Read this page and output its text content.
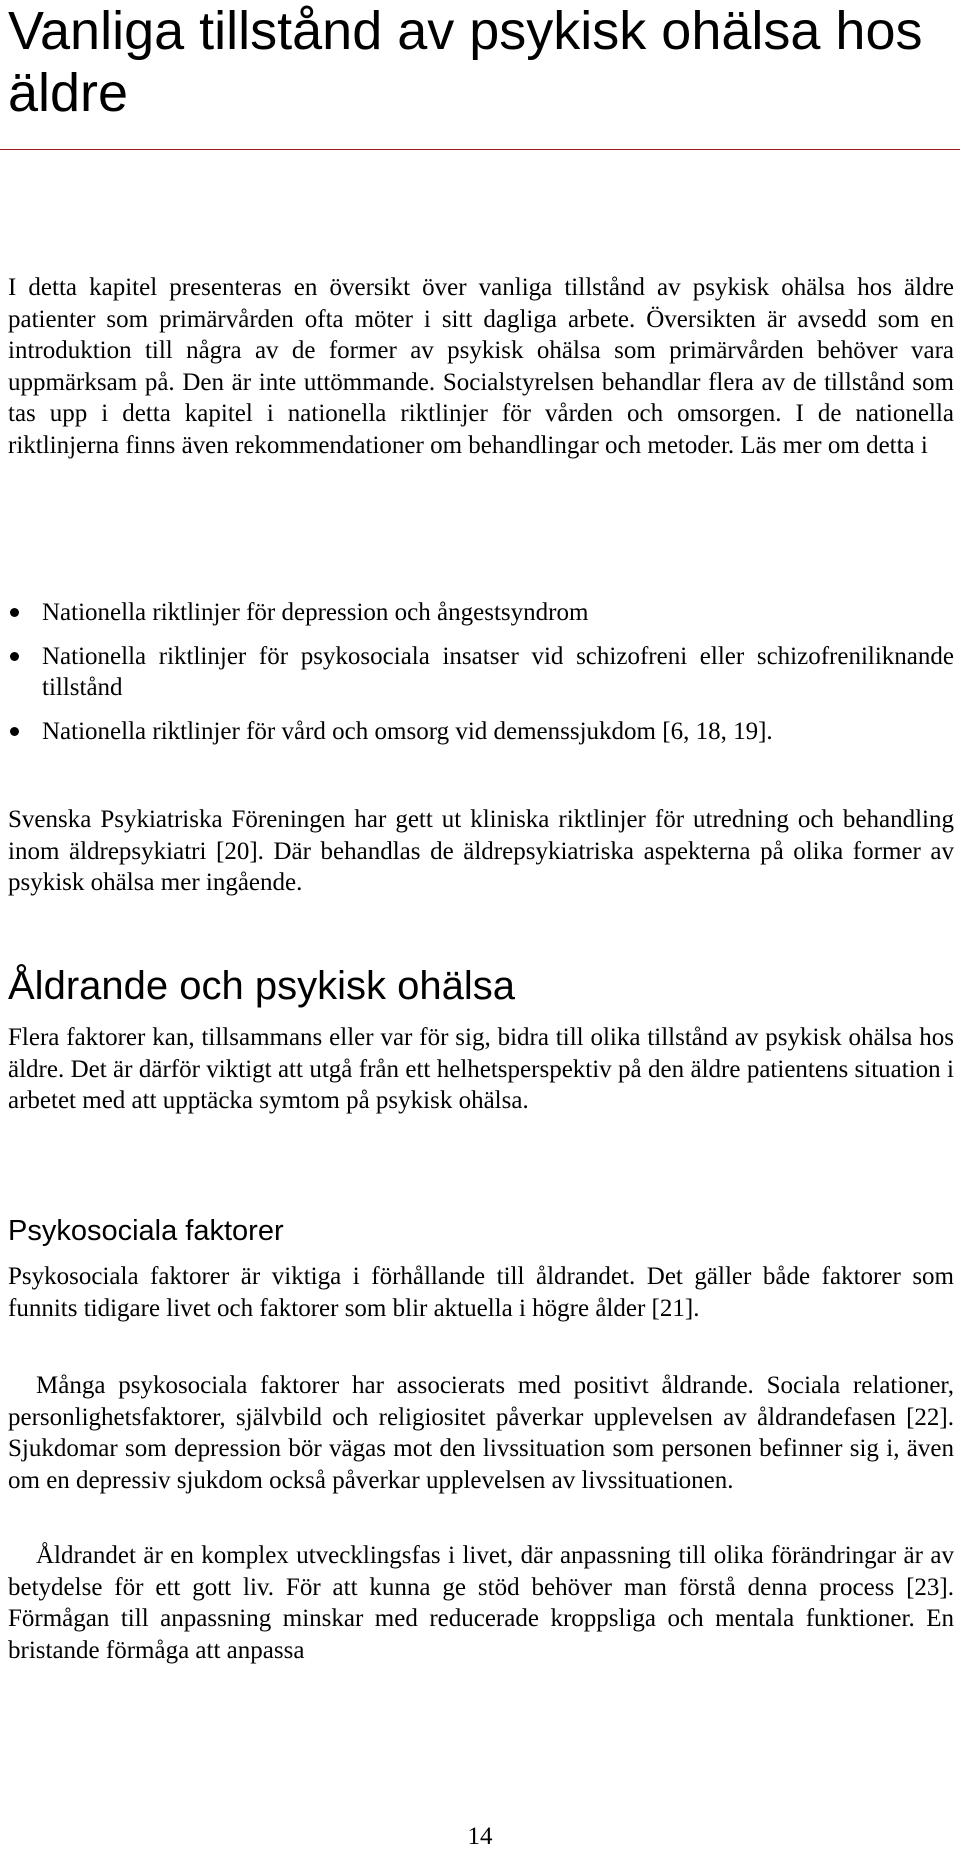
Vanliga tillstånd av psykisk ohälsa hos äldre

I detta kapitel presenteras en översikt över vanliga tillstånd av psykisk ohälsa hos äldre patienter som primärvården ofta möter i sitt dagliga arbete. Översikten är avsedd som en introduktion till några av de former av psykisk ohälsa som primärvården behöver vara uppmärksam på. Den är inte uttömmande. Socialstyrelsen behandlar flera av de tillstånd som tas upp i detta kapitel i nationella riktlinjer för vården och omsorgen. I de nationella riktlinjerna finns även rekommendationer om behandlingar och metoder. Läs mer om detta i

Nationella riktlinjer för depression och ångestsyndrom
Nationella riktlinjer för psykosociala insatser vid schizofreni eller schizofreniliknande tillstånd
Nationella riktlinjer för vård och omsorg vid demenssjukdom [6, 18, 19].

Svenska Psykiatriska Föreningen har gett ut kliniska riktlinjer för utredning och behandling inom äldrepsykiatri [20]. Där behandlas de äldrepsykiatriska aspekterna på olika former av psykisk ohälsa mer ingående.

Åldrande och psykisk ohälsa

Flera faktorer kan, tillsammans eller var för sig, bidra till olika tillstånd av psykisk ohälsa hos äldre. Det är därför viktigt att utgå från ett helhetsperspektiv på den äldre patientens situation i arbetet med att upptäcka symtom på psykisk ohälsa.

Psykosociala faktorer

Psykosociala faktorer är viktiga i förhållande till åldrandet. Det gäller både faktorer som funnits tidigare livet och faktorer som blir aktuella i högre ålder [21].

Många psykosociala faktorer har associerats med positivt åldrande. Sociala relationer, personlighetsfaktorer, självbild och religiositet påverkar upplevelsen av åldrandefasen [22]. Sjukdomar som depression bör vägas mot den livssituation som personen befinner sig i, även om en depressiv sjukdom också påverkar upplevelsen av livssituationen.

Åldrandet är en komplex utvecklingsfas i livet, där anpassning till olika förändringar är av betydelse för ett gott liv. För att kunna ge stöd behöver man förstå denna process [23]. Förmågan till anpassning minskar med reducerade kroppsliga och mentala funktioner. En bristande förmåga att anpassa

14
